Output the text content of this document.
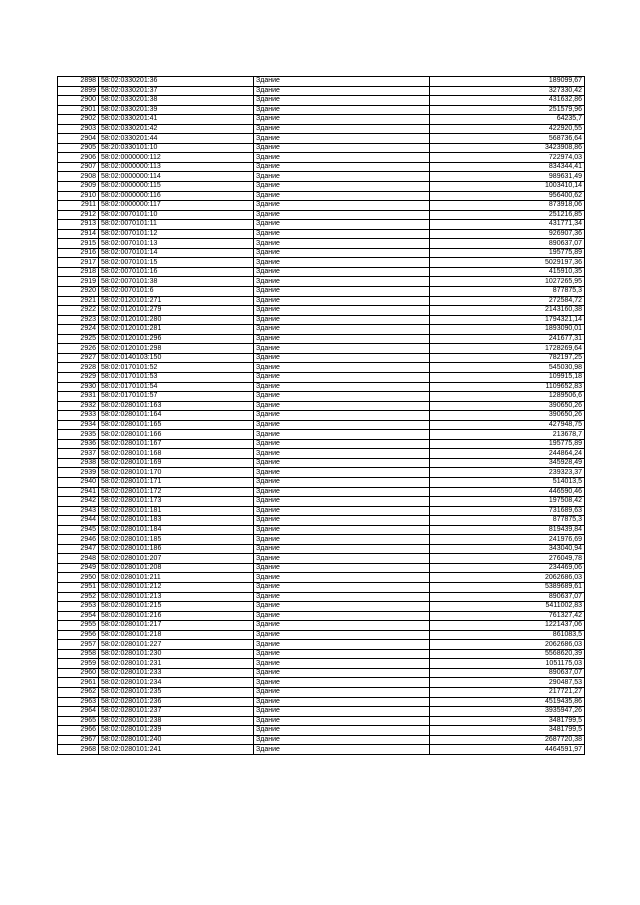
2898	58:02:0330201:36	Здание	189099,67
2899	58:02:0330201:37	Здание	327330,42
2900	58:02:0330201:38	Здание	431632,86
2901	58:02:0330201:39	Здание	251579,96
2902	58:02:0330201:41	Здание	64235,7
2903	58:02:0330201:42	Здание	422920,55
2904	58:02:0330201:44	Здание	568736,64
2905	58:20:0330101:10	Здание	3423908,86
2906	58:02:0000000:112	Здание	722974,03
2907	58:02:0000000:113	Здание	834344,41
2908	58:02:0000000:114	Здание	989631,49
2909	58:02:0000000:115	Здание	1003410,14
2910	58:02:0000000:116	Здание	956400,62
2911	58:02:0000000:117	Здание	873918,06
2912	58:02:0070101:10	Здание	251216,85
2913	58:02:0070101:11	Здание	431771,34
2914	58:02:0070101:12	Здание	926907,36
2915	58:02:0070101:13	Здание	890637,07
2916	58:02:0070101:14	Здание	195775,89
2917	58:02:0070101:15	Здание	5029197,36
2918	58:02:0070101:16	Здание	415910,35
2919	58:02:0070101:38	Здание	1027265,95
2920	58:02:0070101:6	Здание	877875,3
2921	58:02:0120101:271	Здание	272584,72
2922	58:02:0120101:279	Здание	2143160,38
2923	58:02:0120101:280	Здание	1794321,14
2924	58:02:0120101:281	Здание	1893090,01
2925	58:02:0120101:296	Здание	241677,31
2926	58:02:0120101:298	Здание	1728269,64
2927	58:02:0140103:150	Здание	782197,25
2928	58:02:0170101:52	Здание	545030,98
2929	58:02:0170101:53	Здание	109915,18
2930	58:02:0170101:54	Здание	1109652,83
2931	58:02:0170101:57	Здание	1289506,6
2932	58:02:0280101:163	Здание	390650,26
2933	58:02:0280101:164	Здание	390650,26
2934	58:02:0280101:165	Здание	427948,75
2935	58:02:0280101:166	Здание	213678,7
2936	58:02:0280101:167	Здание	195775,89
2937	58:02:0280101:168	Здание	244864,24
2938	58:02:0280101:169	Здание	345928,49
2939	58:02:0280101:170	Здание	239323,37
2940	58:02:0280101:171	Здание	514013,5
2941	58:02:0280101:172	Здание	446590,46
2942	58:02:0280101:173	Здание	197508,42
2943	58:02:0280101:181	Здание	731689,63
2944	58:02:0280101:183	Здание	877875,3
2945	58:02:0280101:184	Здание	819439,84
2946	58:02:0280101:185	Здание	241976,69
2947	58:02:0280101:186	Здание	343040,94
2948	58:02:0280101:207	Здание	276049,78
2949	58:02:0280101:208	Здание	234469,06
2950	58:02:0280101:211	Здание	2062686,03
2951	58:02:0280101:212	Здание	5389689,61
2952	58:02:0280101:213	Здание	890637,07
2953	58:02:0280101:215	Здание	5411002,83
2954	58:02:0280101:216	Здание	761327,42
2955	58:02:0280101:217	Здание	1221437,06
2956	58:02:0280101:218	Здание	861083,5
2957	58:02:0280101:227	Здание	2062686,03
2958	58:02:0280101:230	Здание	5568620,39
2959	58:02:0280101:231	Здание	1051175,03
2960	58:02:0280101:233	Здание	890637,07
2961	58:02:0280101:234	Здание	290487,53
2962	58:02:0280101:235	Здание	217721,27
2963	58:02:0280101:236	Здание	4519435,86
2964	58:02:0280101:237	Здание	3935947,26
2965	58:02:0280101:238	Здание	3481799,5
2966	58:02:0280101:239	Здание	3481799,5
2967	58:02:0280101:240	Здание	2687720,38
2968	58:02:0280101:241	Здание	4464591,97
